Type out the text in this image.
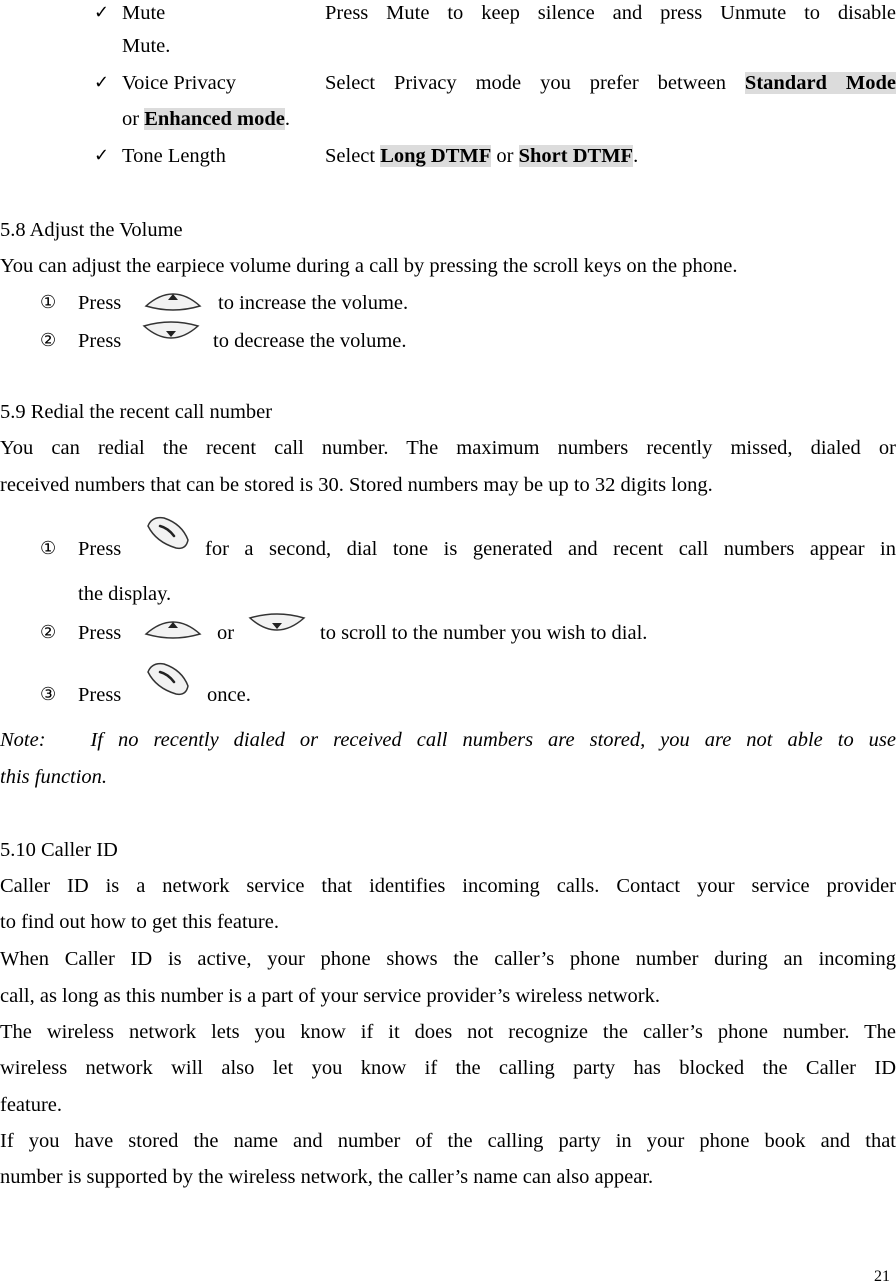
✓ Mute	Press Mute to keep silence and press Unmute to disable
Mute.
✓ Voice Privacy	Select Privacy mode you prefer between Standard Mode
or Enhanced mode.
✓ Tone Length	Select Long DTMF or Short DTMF.
5.8 Adjust the Volume
You can adjust the earpiece volume during a call by pressing the scroll keys on the phone.
① Press	to increase the volume.
② Press	to decrease the volume.
5.9 Redial the recent call number
You can redial the recent call number. The maximum numbers recently missed, dialed or
received numbers that can be stored is 30. Stored numbers may be up to 32 digits long.
① Press	for a second, dial tone is generated and recent call numbers appear in
the display.
② Press	or	to scroll to the number you wish to dial.
③ Press	once.
Note:   If no recently dialed or received call numbers are stored, you are not able to use
this function.
5.10 Caller ID
Caller ID is a network service that identifies incoming calls. Contact your service provider
to find out how to get this feature.
When Caller ID is active, your phone shows the caller’s phone number during an incoming
call, as long as this number is a part of your service provider’s wireless network.
The wireless network lets you know if it does not recognize the caller’s phone number. The
wireless network will also let you know if the calling party has blocked the Caller ID
feature.
If you have stored the name and number of the calling party in your phone book and that
number is supported by the wireless network, the caller’s name can also appear.
21
